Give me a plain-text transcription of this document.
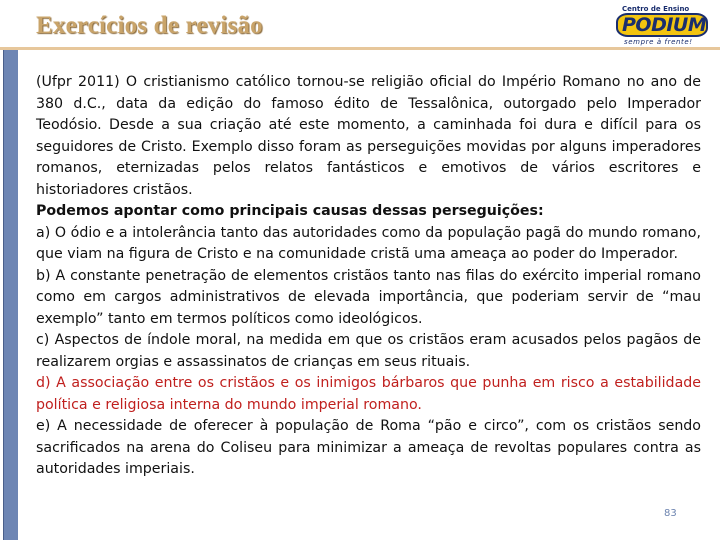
Exercícios de revisão
Centro de Ensino
PODIUM
sempre à frente!

(Ufpr 2011) O cristianismo católico tornou-se religião oficial do Império Romano no ano de 380 d.C., data da edição do famoso édito de Tessalônica, outorgado pelo Imperador Teodósio. Desde a sua criação até este momento, a caminhada foi dura e difícil para os seguidores de Cristo. Exemplo disso foram as perseguições movidas por alguns imperadores romanos, eternizadas pelos relatos fantásticos e emotivos de vários escritores e historiadores cristãos.

Podemos apontar como principais causas dessas perseguições:

a) O ódio e a intolerância tanto das autoridades como da população pagã do mundo romano, que viam na figura de Cristo e na comunidade cristã uma ameaça ao poder do Imperador.

b) A constante penetração de elementos cristãos tanto nas filas do exército imperial romano como em cargos administrativos de elevada importância, que poderiam servir de “mau exemplo” tanto em termos políticos como ideológicos.

c) Aspectos de índole moral, na medida em que os cristãos eram acusados pelos pagãos de realizarem orgias e assassinatos de crianças em seus rituais.

d) A associação entre os cristãos e os inimigos bárbaros que punha em risco a estabilidade política e religiosa interna do mundo imperial romano.

e) A necessidade de oferecer à população de Roma “pão e circo”, com os cristãos sendo sacrificados na arena do Coliseu para minimizar a ameaça de revoltas populares contra as autoridades imperiais.

83
